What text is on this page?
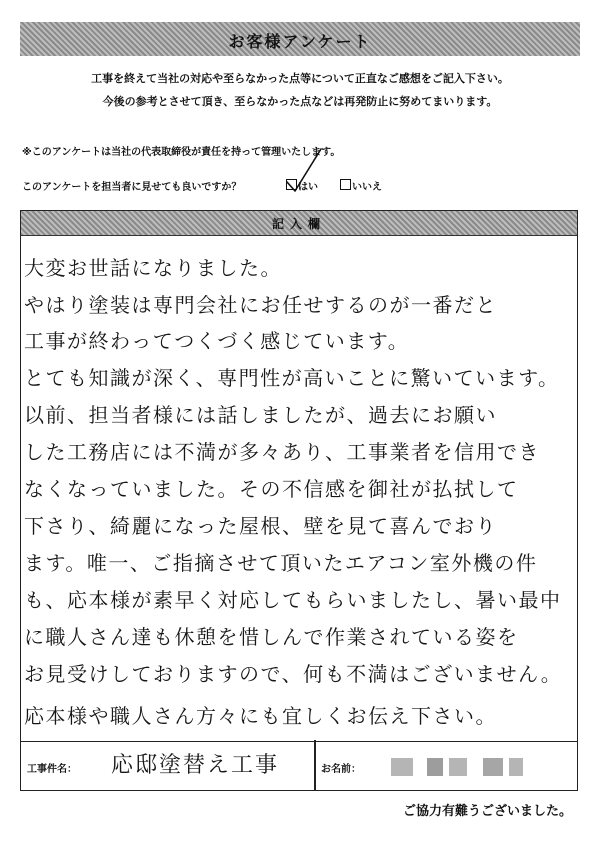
お客様アンケート
工事を終えて当社の対応や至らなかった点等について正直なご感想をご記入下さい。
今後の参考とさせて頂き、至らなかった点などは再発防止に努めてまいります。
※このアンケートは当社の代表取締役が責任を持って管理いたします。
このアンケートを担当者に見せても良いですか？	はい	いいえ
記入欄
大変お世話になりました。
やはり塗装は専門会社にお任せするのが一番だと
工事が終わってつくづく感じています。
とても知識が深く、専門性が高いことに驚いています。
以前、担当者様には話しましたが、過去にお願い
した工務店には不満が多々あり、工事業者を信用でき
なくなっていました。その不信感を御社が払拭して
下さり、綺麗になった屋根、壁を見て喜んでおり
ます。唯一、ご指摘させて頂いたエアコン室外機の件
も、応本様が素早く対応してもらいましたし、暑い最中
に職人さん達も休憩を惜しんで作業されている姿を
お見受けしておりますので、何も不満はございません。
応本様や職人さん方々にも宜しくお伝え下さい。
工事件名： 応邸塗替え工事	お名前：
ご協力有難うございました。
